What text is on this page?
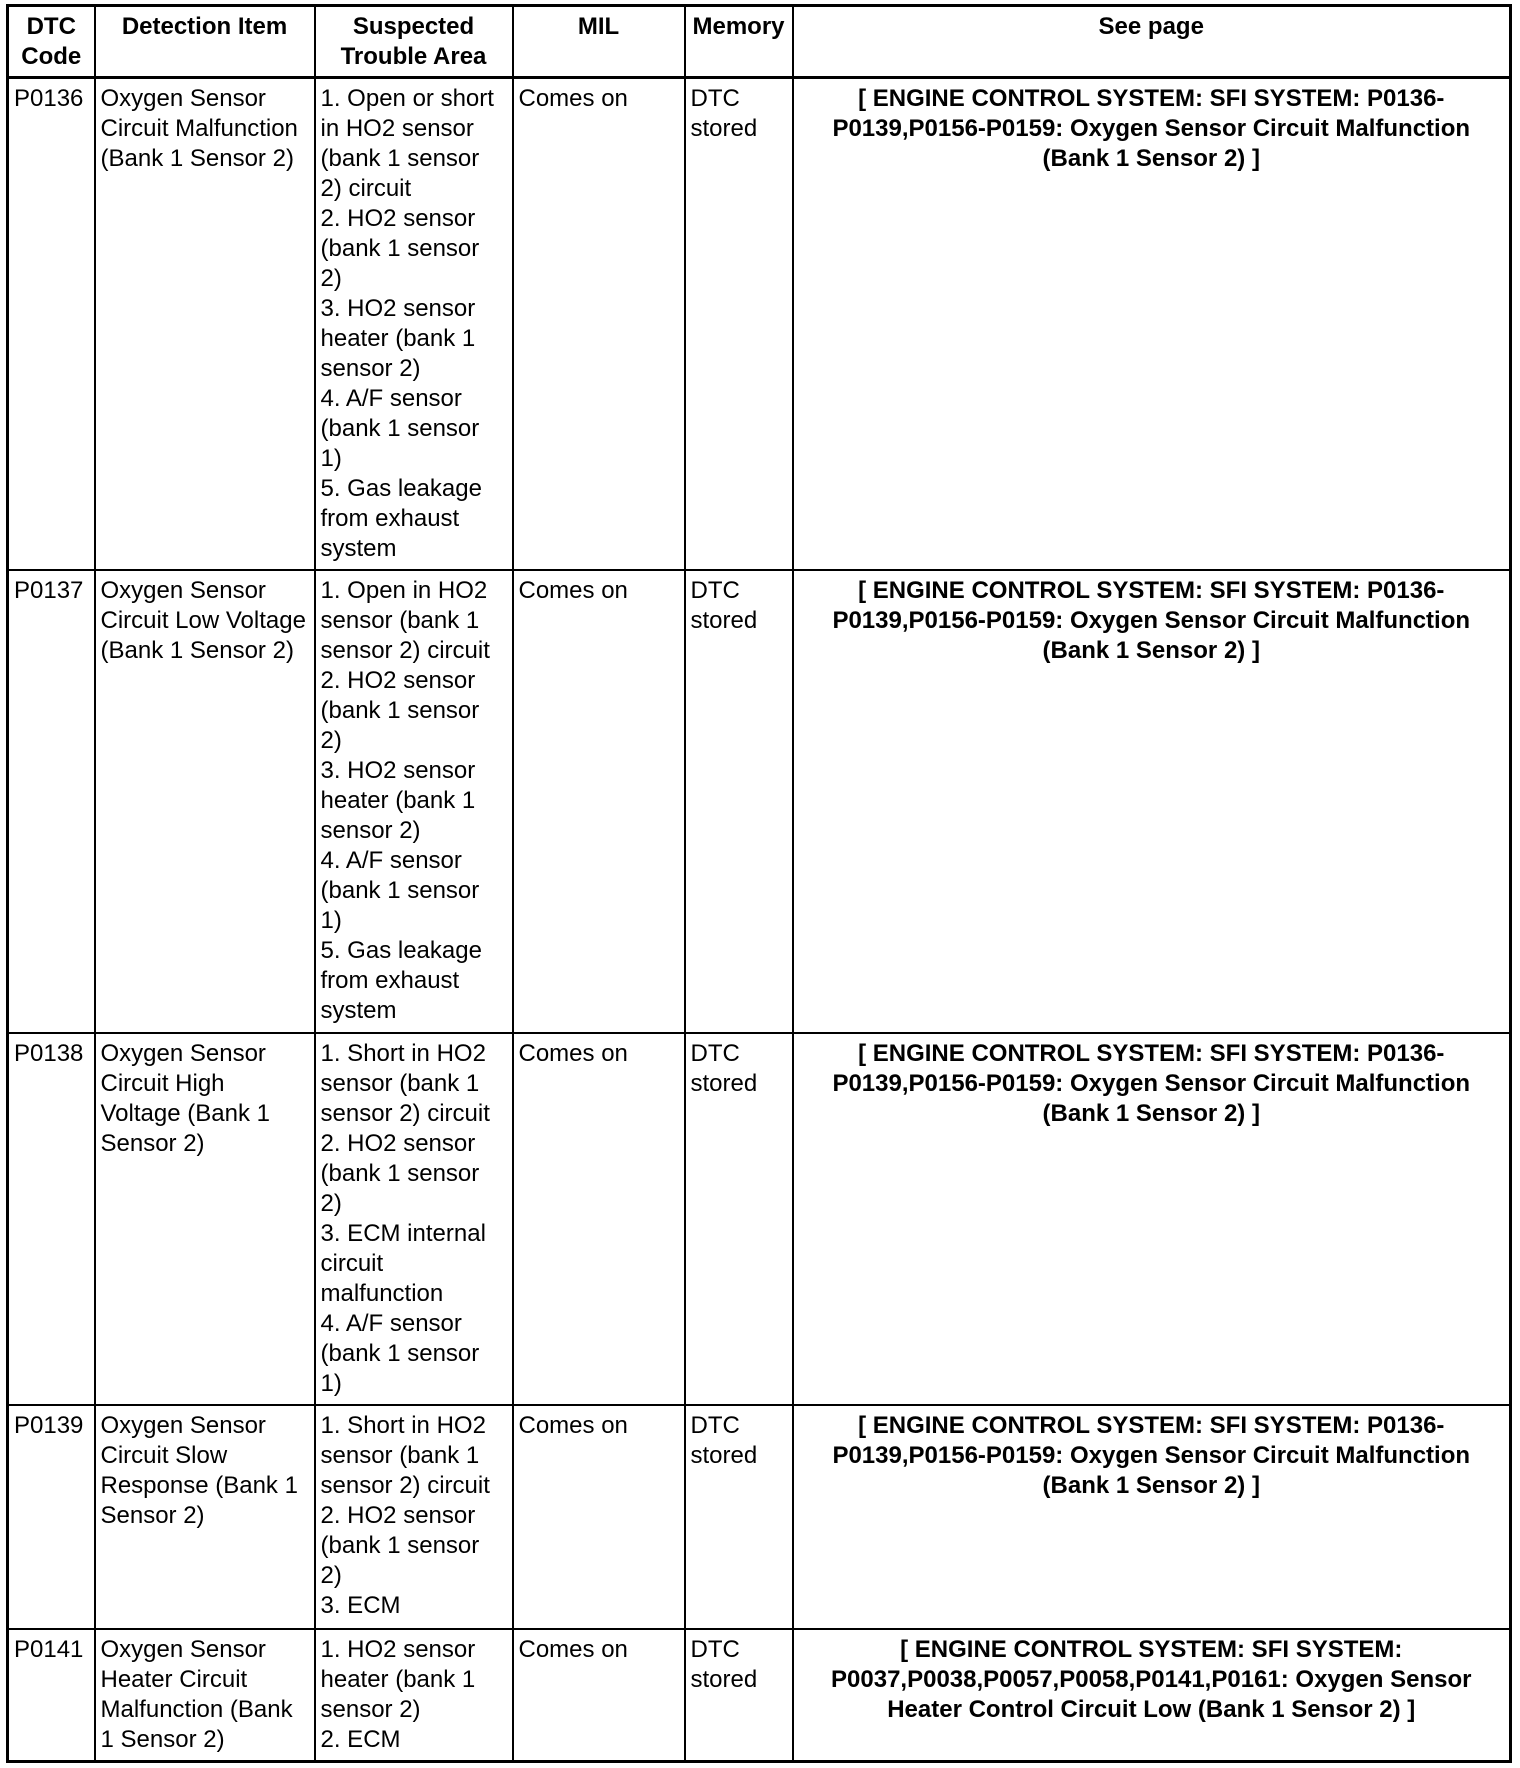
DTC Code	Detection Item	Suspected Trouble Area	MIL	Memory	See page
P0136	Oxygen Sensor Circuit Malfunction (Bank 1 Sensor 2)	1. Open or short in HO2 sensor (bank 1 sensor 2) circuit
2. HO2 sensor (bank 1 sensor 2)
3. HO2 sensor heater (bank 1 sensor 2)
4. A/F sensor (bank 1 sensor 1)
5. Gas leakage from exhaust system	Comes on	DTC stored	[ ENGINE CONTROL SYSTEM: SFI SYSTEM: P0136-P0139,P0156-P0159: Oxygen Sensor Circuit Malfunction (Bank 1 Sensor 2) ]
P0137	Oxygen Sensor Circuit Low Voltage (Bank 1 Sensor 2)	1. Open in HO2 sensor (bank 1 sensor 2) circuit
2. HO2 sensor (bank 1 sensor 2)
3. HO2 sensor heater (bank 1 sensor 2)
4. A/F sensor (bank 1 sensor 1)
5. Gas leakage from exhaust system	Comes on	DTC stored	[ ENGINE CONTROL SYSTEM: SFI SYSTEM: P0136-P0139,P0156-P0159: Oxygen Sensor Circuit Malfunction (Bank 1 Sensor 2) ]
P0138	Oxygen Sensor Circuit High Voltage (Bank 1 Sensor 2)	1. Short in HO2 sensor (bank 1 sensor 2) circuit
2. HO2 sensor (bank 1 sensor 2)
3. ECM internal circuit malfunction
4. A/F sensor (bank 1 sensor 1)	Comes on	DTC stored	[ ENGINE CONTROL SYSTEM: SFI SYSTEM: P0136-P0139,P0156-P0159: Oxygen Sensor Circuit Malfunction (Bank 1 Sensor 2) ]
P0139	Oxygen Sensor Circuit Slow Response (Bank 1 Sensor 2)	1. Short in HO2 sensor (bank 1 sensor 2) circuit
2. HO2 sensor (bank 1 sensor 2)
3. ECM	Comes on	DTC stored	[ ENGINE CONTROL SYSTEM: SFI SYSTEM: P0136-P0139,P0156-P0159: Oxygen Sensor Circuit Malfunction (Bank 1 Sensor 2) ]
P0141	Oxygen Sensor Heater Circuit Malfunction (Bank 1 Sensor 2)	1. HO2 sensor heater (bank 1 sensor 2)
2. ECM	Comes on	DTC stored	[ ENGINE CONTROL SYSTEM: SFI SYSTEM: P0037,P0038,P0057,P0058,P0141,P0161: Oxygen Sensor Heater Control Circuit Low (Bank 1 Sensor 2) ]
